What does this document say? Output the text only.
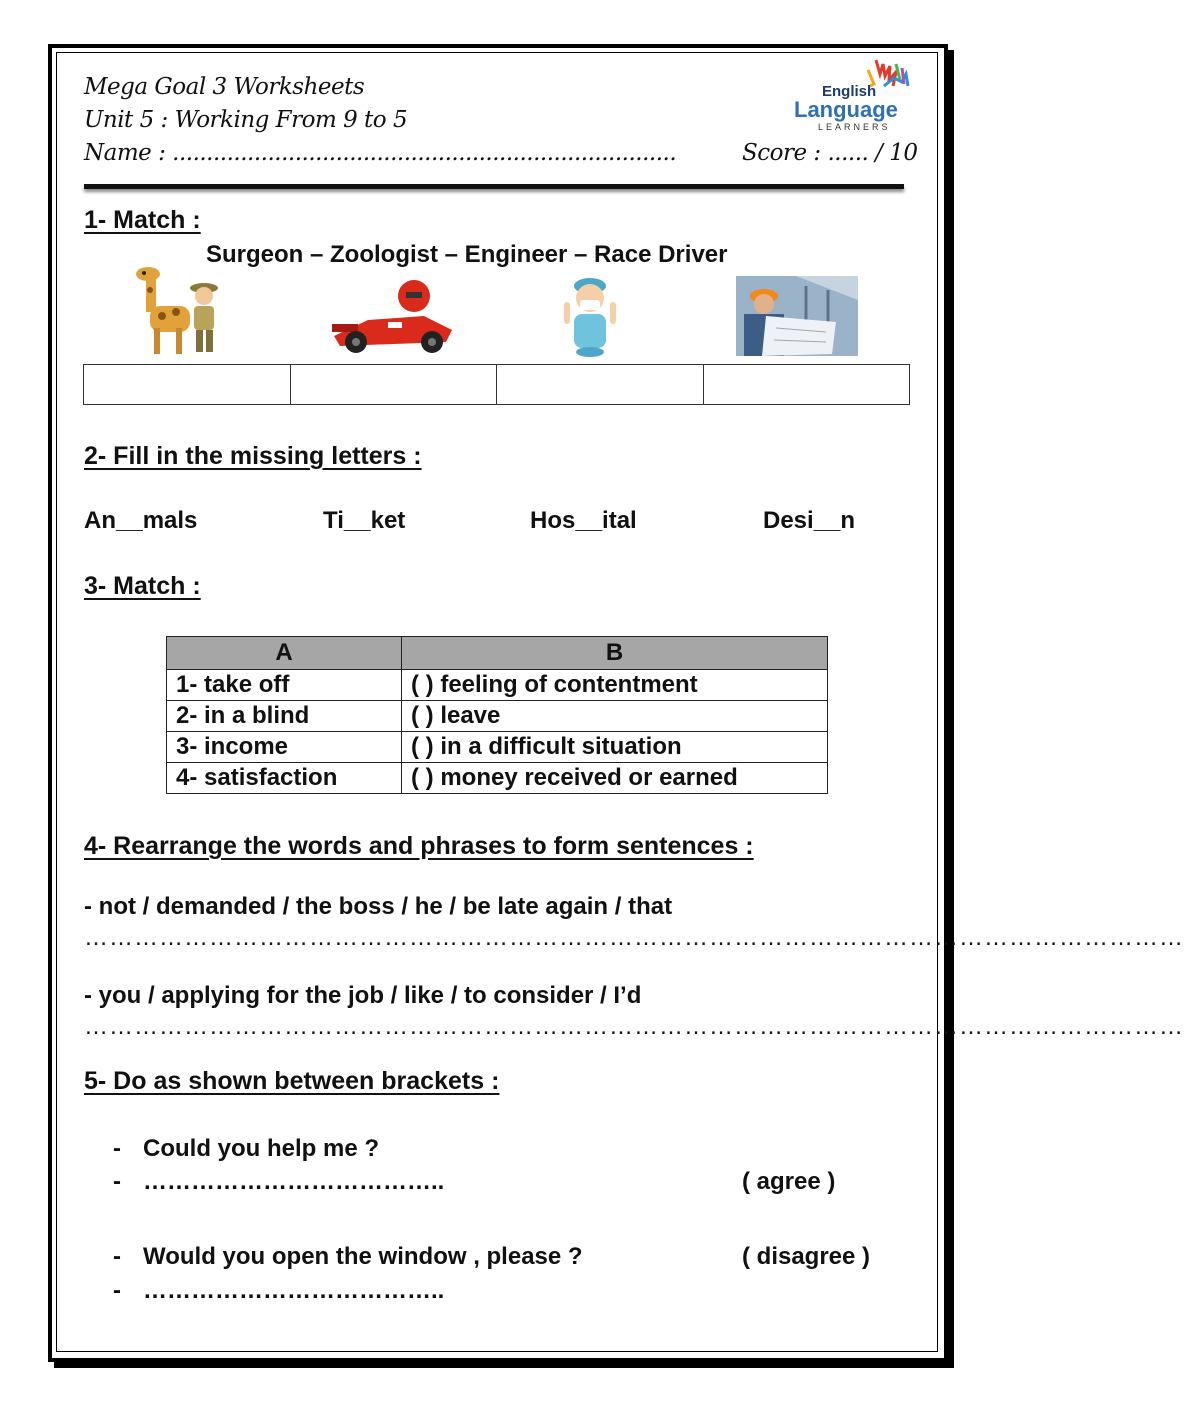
Mega Goal 3 Worksheets
Unit 5 : Working From 9 to 5
Name : ..........................................................................	Score : ...... / 10
English
Language
LEARNERS
1- Match :
Surgeon – Zoologist – Engineer – Race Driver

2- Fill in the missing letters :
An__mals	Ti__ket	Hos__ital	Desi__n
3- Match :
A	B
1- take off	( ) feeling of contentment
2- in a blind	( ) leave
3- income	( ) in a difficult situation
4- satisfaction	( ) money received or earned
4- Rearrange the words and phrases to form sentences :
- not / demanded / the boss / he / be late again / that
……………………………………………………………………………………………………………………
- you / applying for the job / like / to consider / I’d
……………………………………………………………………………………………………………………
5- Do as shown between brackets :
- Could you help me ?
- ………………………………..	( agree )
- Would you open the window , please ?	( disagree )
- ………………………………..
